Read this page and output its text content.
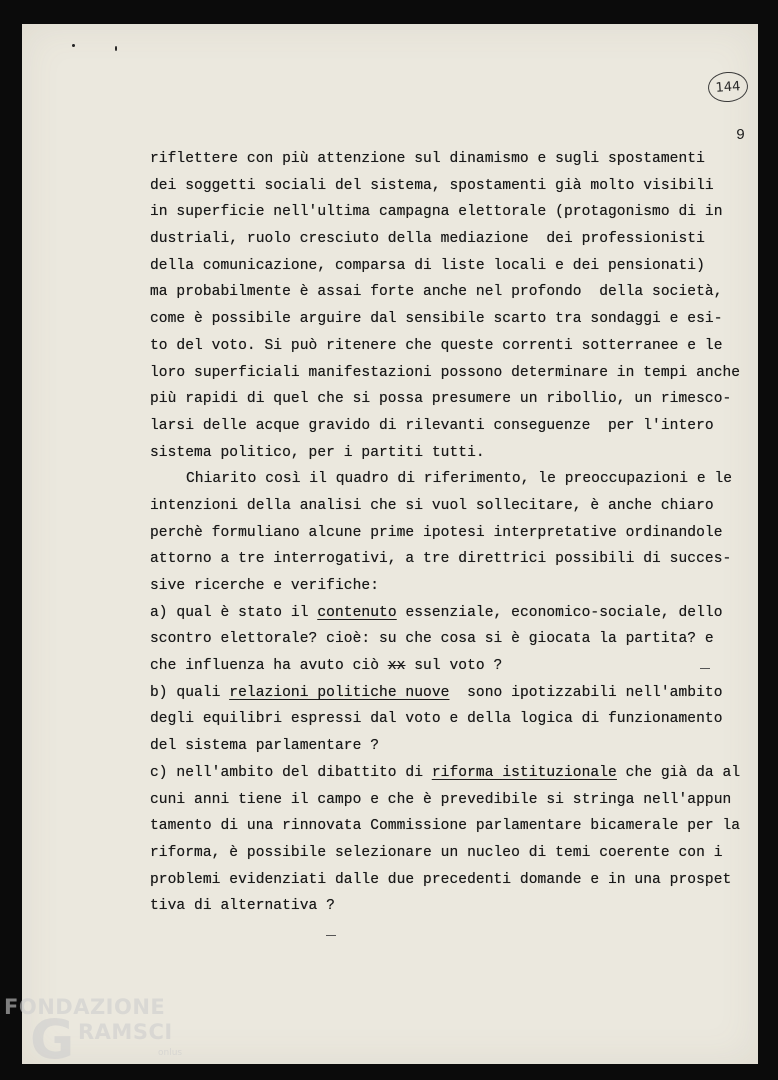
144
9
riflettere con più attenzione sul dinamismo e sugli spostamenti
dei soggetti sociali del sistema, spostamenti già molto visibili
in superficie nell'ultima campagna elettorale (protagonismo di in
dustriali, ruolo cresciuto della mediazione  dei professionisti
della comunicazione, comparsa di liste locali e dei pensionati)
ma probabilmente è assai forte anche nel profondo  della società,
come è possibile arguire dal sensibile scarto tra sondaggi e esi-
to del voto. Si può ritenere che queste correnti sotterranee e le
loro superficiali manifestazioni possono determinare in tempi anche
più rapidi di quel che si possa presumere un ribollio, un rimesco-
larsi delle acque gravido di rilevanti conseguenze  per l'intero
sistema politico, per i partiti tutti.
Chiarito così il quadro di riferimento, le preoccupazioni e le
intenzioni della analisi che si vuol sollecitare, è anche chiaro
perchè formuliano alcune prime ipotesi interpretative ordinandole
attorno a tre interrogativi, a tre direttrici possibili di succes-
sive ricerche e verifiche:
a) qual è stato il contenuto essenziale, economico-sociale, dello
scontro elettorale? cioè: su che cosa si è giocata la partita? e
che influenza ha avuto ciò xx sul voto ?
b) quali relazioni politiche nuove  sono ipotizzabili nell'ambito
degli equilibri espressi dal voto e della logica di funzionamento
del sistema parlamentare ?
c) nell'ambito del dibattito di riforma istituzionale che già da al
cuni anni tiene il campo e che è prevedibile si stringa nell'appun
tamento di una rinnovata Commissione parlamentare bicamerale per la
riforma, è possibile selezionare un nucleo di temi coerente con i
problemi evidenziati dalle due precedenti domande e in una prospet
tiva di alternativa ?
FONDAZIONE
G RAMSCI
onlus
